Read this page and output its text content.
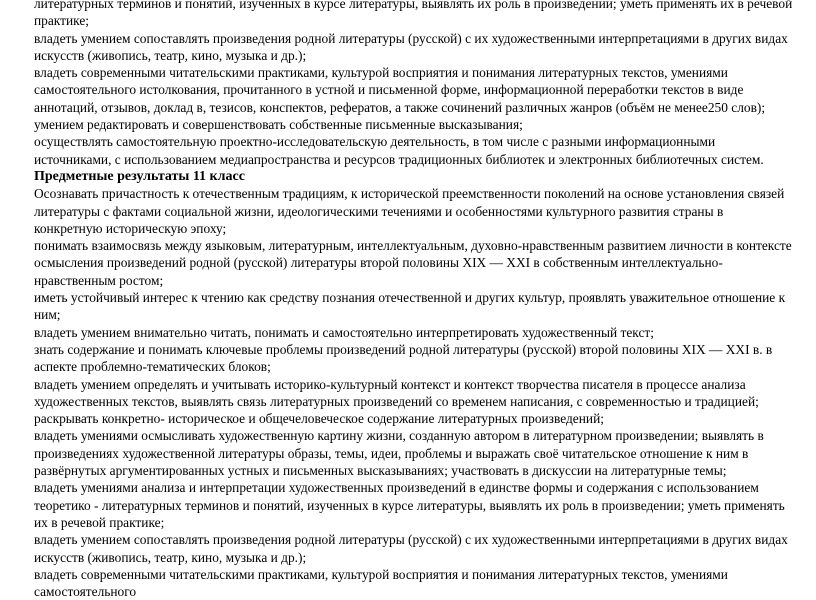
литературных терминов и понятий, изученных в курсе литературы, выявлять их роль в произведении; уметь применять их в речевой практике;

владеть умением сопоставлять произведения родной литературы (русской) с их художественными интерпретациями в других видах искусств (живопись, театр, кино, музыка и др.);

владеть современными читательскими практиками, культурой восприятия и понимания литературных текстов, умениями самостоятельного истолкования, прочитанного в устной и письменной форме, информационной переработки текстов в виде аннотаций, отзывов, доклад в, тезисов, конспектов, рефератов, а также сочинений различных жанров (объём не менее250 слов); умением редактировать и совершенствовать собственные письменные высказывания;

осуществлять самостоятельную проектно-исследовательскую деятельность, в том числе с разными информационными источниками, с использованием медиапространства и ресурсов традиционных библиотек и электронных библиотечных систем.

Предметные результаты 11 класс

Осознавать причастность к отечественным традициям, к исторической преемственности поколений на основе установления связей литературы с фактами социальной жизни, идеологическими течениями и особенностями культурного развития страны в конкретную историческую эпоху;

понимать взаимосвязь между языковым, литературным, интеллектуальным, духовно-нравственным развитием личности в контексте осмысления произведений родной (русской) литературы второй половины XIX — XXI в собственным интеллектуально-нравственным ростом;

иметь устойчивый интерес к чтению как средству познания отечественной и других культур, проявлять уважительное отношение к ним;

владеть умением внимательно читать, понимать и самостоятельно интерпретировать художественный текст;

знать содержание и понимать ключевые проблемы произведений родной литературы (русской) второй половины XIX — XXI в. в аспекте проблемно-тематических блоков;

владеть умением определять и учитывать историко-культурный контекст и контекст творчества писателя в процессе анализа художественных текстов, выявлять связь литературных произведений со временем написания, с современностью и традицией; раскрывать конкретно- историческое и общечеловеческое содержание литературных произведений;

владеть умениями осмысливать художественную картину жизни, созданную автором в литературном произведении; выявлять в произведениях художественной литературы образы, темы, идеи, проблемы и выражать своё читательское отношение к ним в развёрнутых аргументированных устных и письменных высказываниях; участвовать в дискуссии на литературные темы;

владеть умениями анализа и интерпретации художественных произведений в единстве формы и содержания с использованием теоретико - литературных терминов и понятий, изученных в курсе литературы, выявлять их роль в произведении; уметь применять их в речевой практике;

владеть умением сопоставлять произведения родной литературы (русской) с их художественными интерпретациями в других видах искусств (живопись, театр, кино, музыка и др.);

владеть современными читательскими практиками, культурой восприятия и понимания литературных текстов, умениями самостоятельного
